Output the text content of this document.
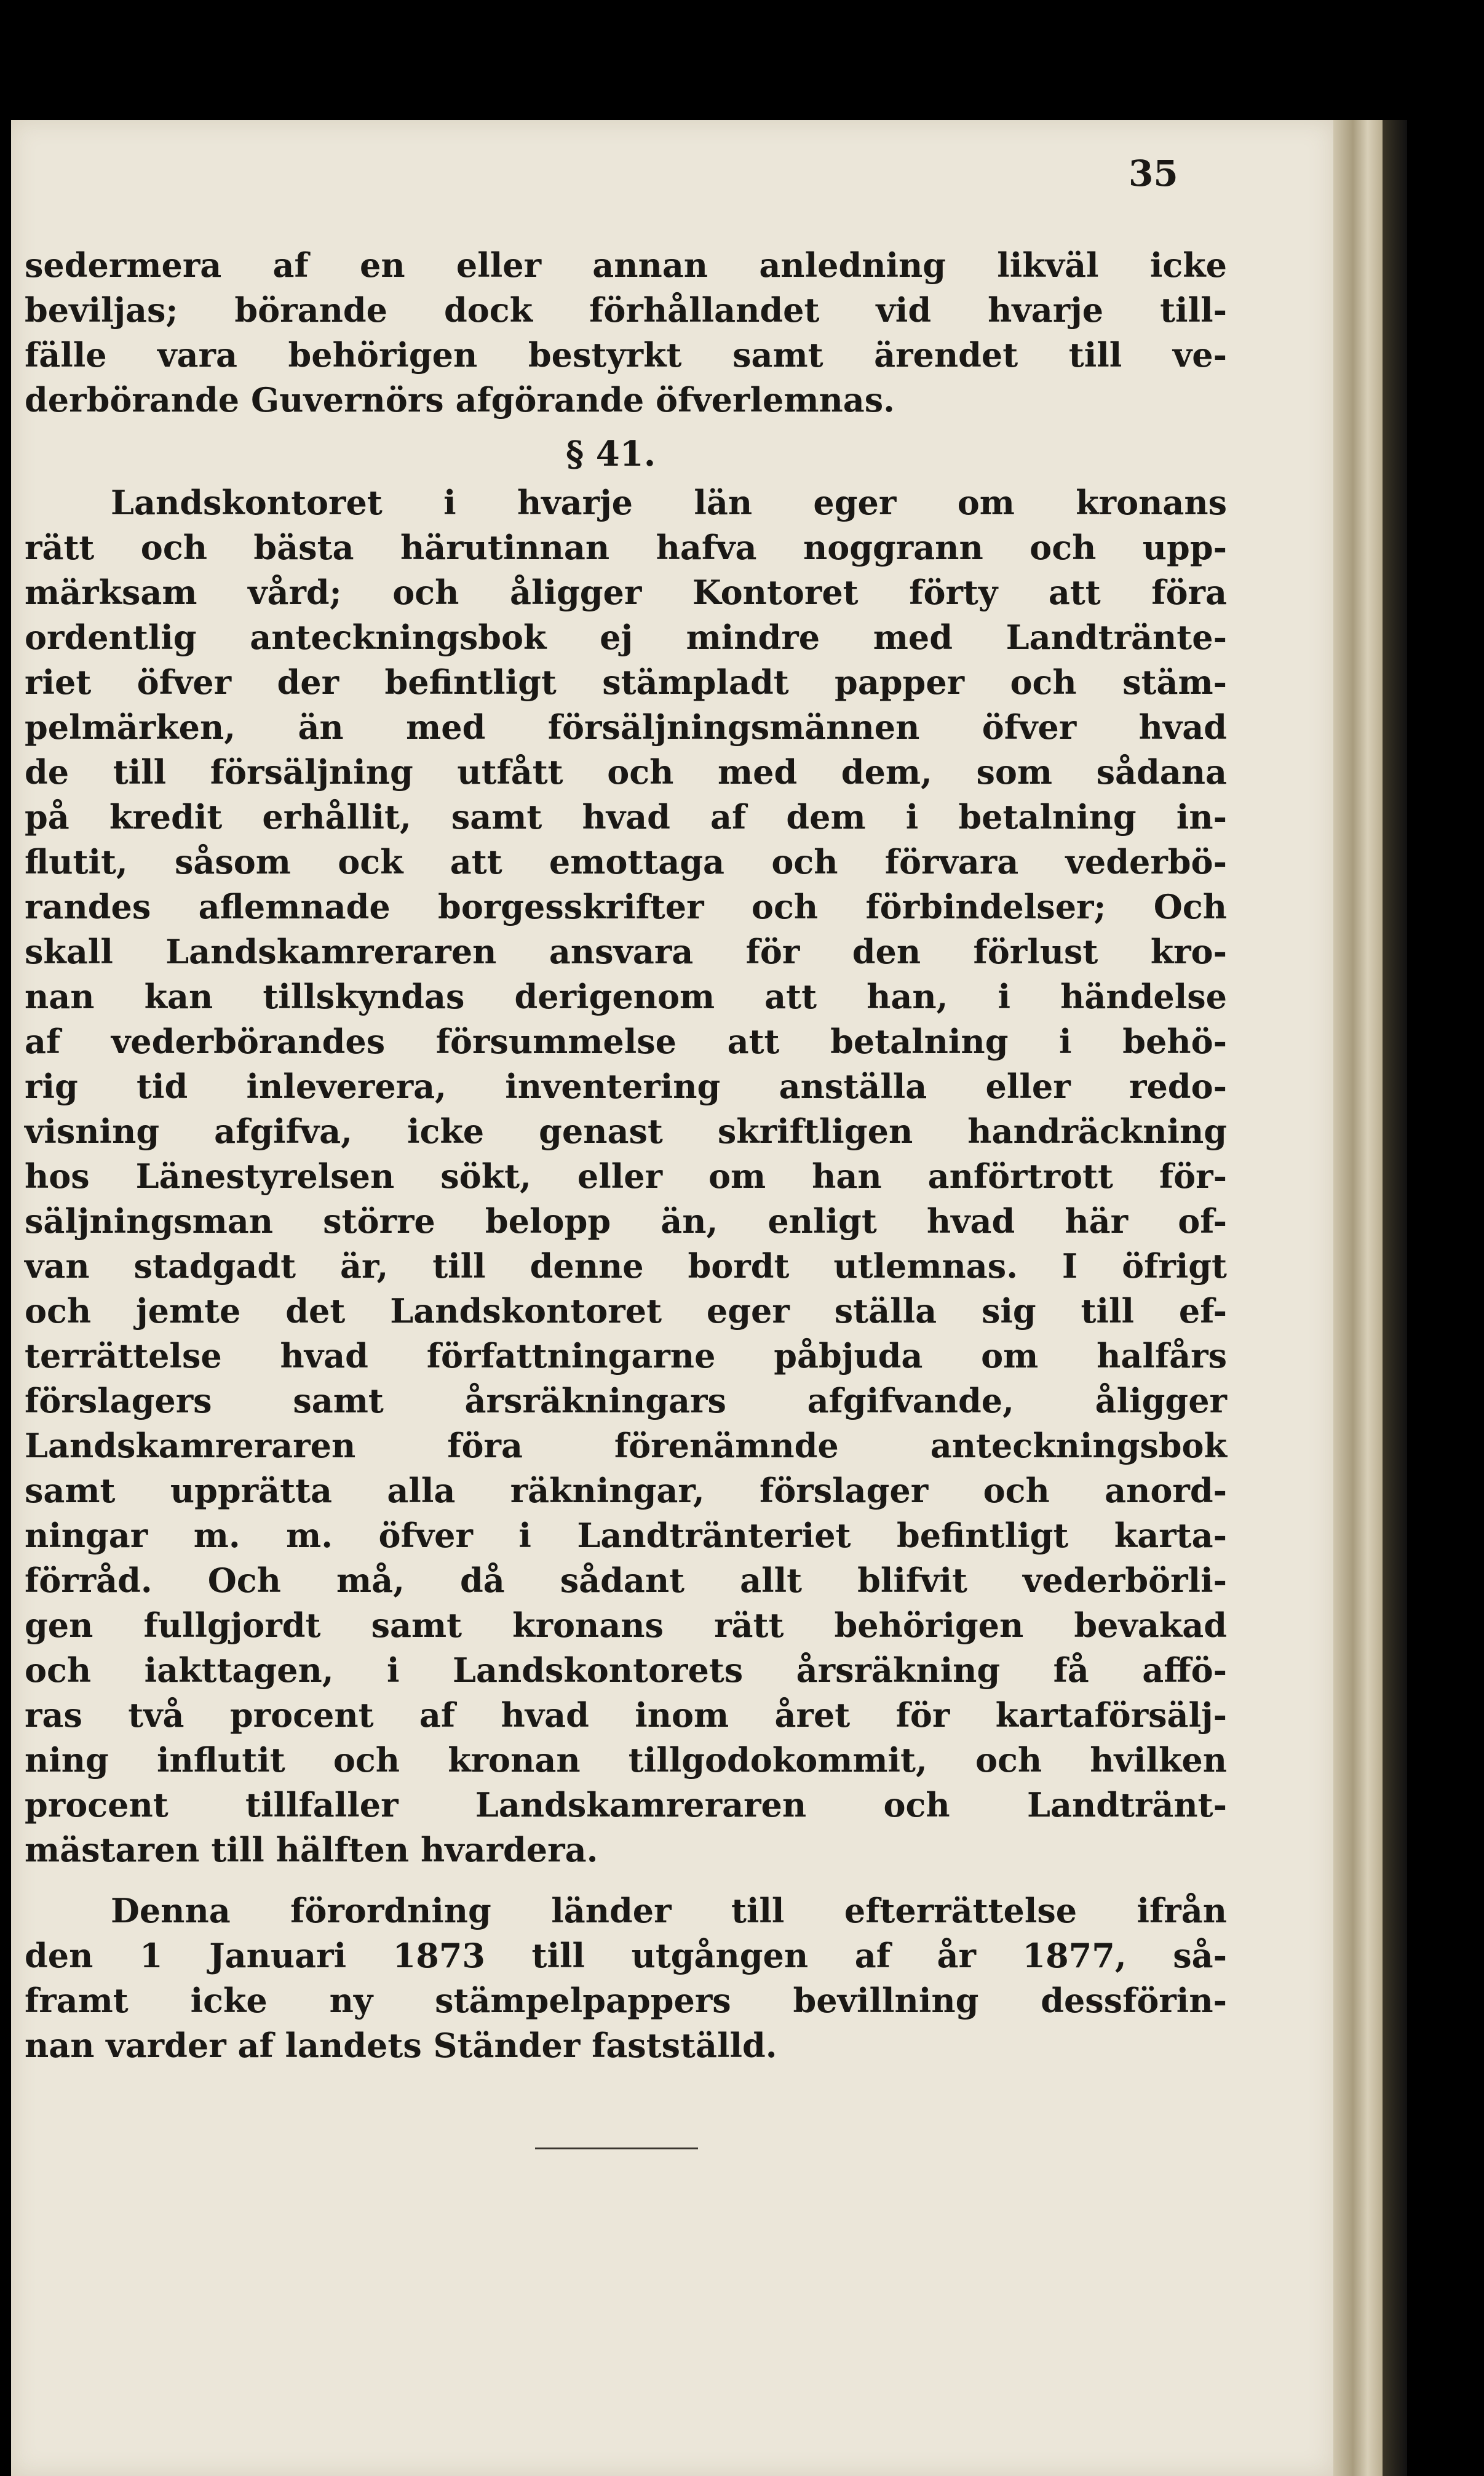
35

sedermera af en eller annan anledning likväl icke
beviljas; börande dock förhållandet vid hvarje till-
fälle vara behörigen bestyrkt samt ärendet till ve-
derbörande Guvernörs afgörande öfverlemnas.
§ 41.
Landskontoret i hvarje län eger om kronans
rätt och bästa härutinnan hafva noggrann och upp-
märksam vård; och åligger Kontoret förty att föra
ordentlig anteckningsbok ej mindre med Landtränte-
riet öfver der befintligt stämpladt papper och stäm-
pelmärken, än med försäljningsmännen öfver hvad
de till försäljning utfått och med dem, som sådana
på kredit erhållit, samt hvad af dem i betalning in-
flutit, såsom ock att emottaga och förvara vederbö-
randes aflemnade borgesskrifter och förbindelser; Och
skall Landskamreraren ansvara för den förlust kro-
nan kan tillskyndas derigenom att han, i händelse
af vederbörandes försummelse att betalning i behö-
rig tid inleverera, inventering anställa eller redo-
visning afgifva, icke genast skriftligen handräckning
hos Länestyrelsen sökt, eller om han anförtrott för-
säljningsman större belopp än, enligt hvad här of-
van stadgadt är, till denne bordt utlemnas. I öfrigt
och jemte det Landskontoret eger ställa sig till ef-
terrättelse hvad författningarne påbjuda om halfårs
förslagers samt årsräkningars afgifvande, åligger
Landskamreraren föra förenämnde anteckningsbok
samt upprätta alla räkningar, förslager och anord-
ningar m. m. öfver i Landtränteriet befintligt karta-
förråd. Och må, då sådant allt blifvit vederbörli-
gen fullgjordt samt kronans rätt behörigen bevakad
och iakttagen, i Landskontorets årsräkning få affö-
ras två procent af hvad inom året för kartaförsälj-
ning influtit och kronan tillgodokommit, och hvilken
procent tillfaller Landskamreraren och Landtränt-
mästaren till hälften hvardera.
Denna förordning länder till efterrättelse ifrån
den 1 Januari 1873 till utgången af år 1877, så-
framt icke ny stämpelpappers bevillning dessförin-
nan varder af landets Ständer fastställd.
